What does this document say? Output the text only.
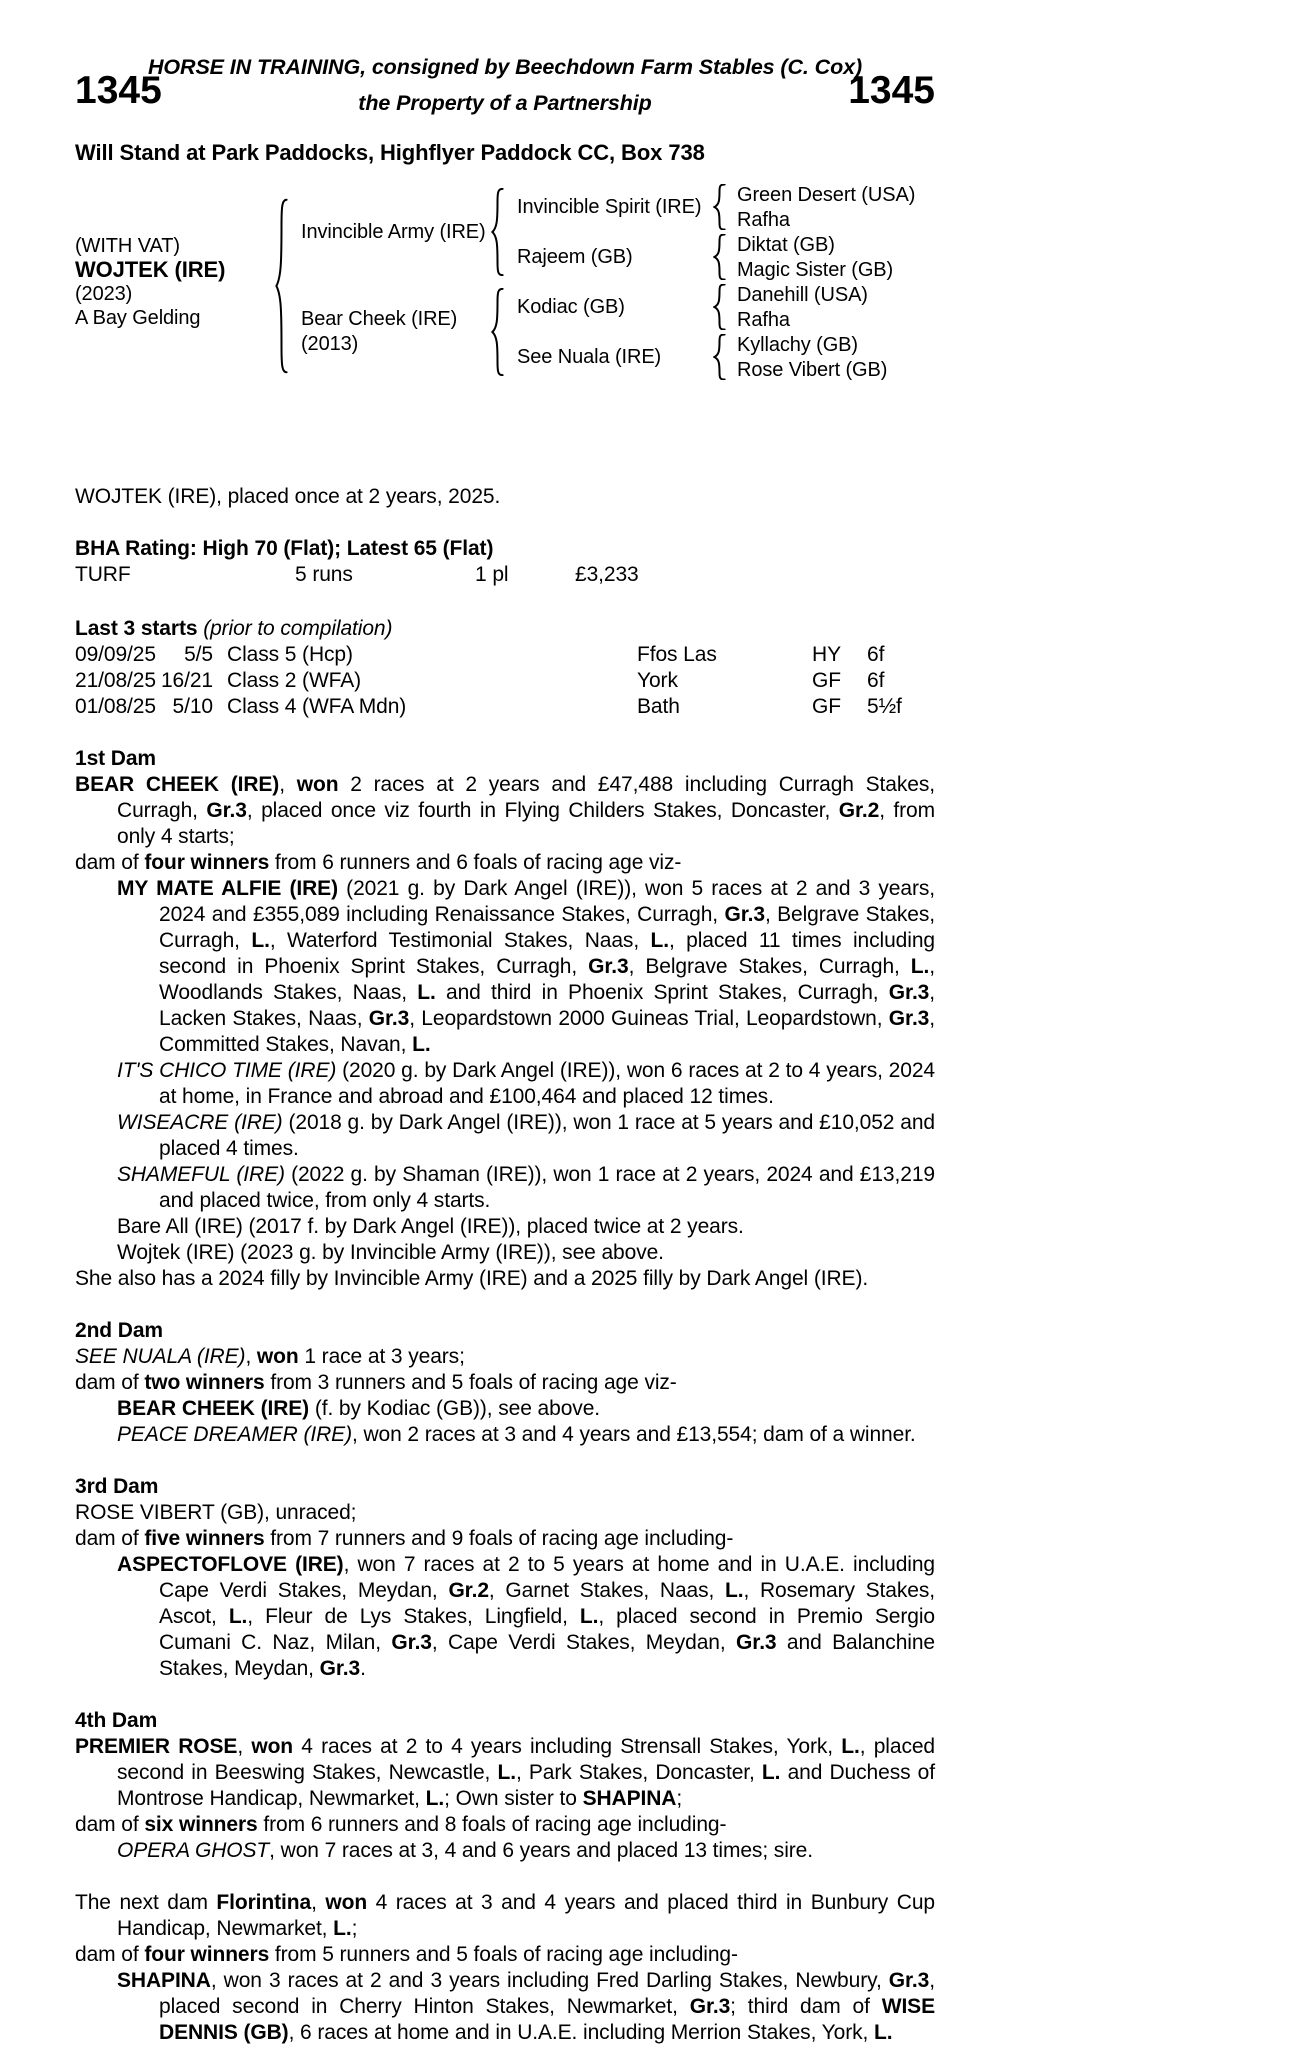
HORSE IN TRAINING, consigned by Beechdown Farm Stables (C. Cox)
1345	the Property of a Partnership	1345
Will Stand at Park Paddocks, Highflyer Paddock CC, Box 738
(WITH VAT)
WOJTEK (IRE)
(2023)
A Bay Gelding
Invincible Army (IRE)
Bear Cheek (IRE)
(2013)
Invincible Spirit (IRE)
Rajeem (GB)
Kodiac (GB)
See Nuala (IRE)
Green Desert (USA)
Rafha
Diktat (GB)
Magic Sister (GB)
Danehill (USA)
Rafha
Kyllachy (GB)
Rose Vibert (GB)
WOJTEK (IRE), placed once at 2 years, 2025.
BHA Rating: High 70 (Flat); Latest 65 (Flat)
TURF	5 runs	1 pl	£3,233
Last 3 starts (prior to compilation)
09/09/25	5/5 Class 5 (Hcp)	Ffos Las	HY	6f
21/08/25 16/21 Class 2 (WFA)	York	GF	6f
01/08/25 5/10 Class 4 (WFA Mdn)	Bath	GF	5½f
1st Dam
BEAR CHEEK (IRE), won 2 races at 2 years and £47,488 including Curragh Stakes, Curragh, Gr.3, placed once viz fourth in Flying Childers Stakes, Doncaster, Gr.2, from only 4 starts;
dam of four winners from 6 runners and 6 foals of racing age viz-
MY MATE ALFIE (IRE) (2021 g. by Dark Angel (IRE)), won 5 races at 2 and 3 years, 2024 and £355,089 including Renaissance Stakes, Curragh, Gr.3, Belgrave Stakes, Curragh, L., Waterford Testimonial Stakes, Naas, L., placed 11 times including second in Phoenix Sprint Stakes, Curragh, Gr.3, Belgrave Stakes, Curragh, L., Woodlands Stakes, Naas, L. and third in Phoenix Sprint Stakes, Curragh, Gr.3, Lacken Stakes, Naas, Gr.3, Leopardstown 2000 Guineas Trial, Leopardstown, Gr.3, Committed Stakes, Navan, L.
IT'S CHICO TIME (IRE) (2020 g. by Dark Angel (IRE)), won 6 races at 2 to 4 years, 2024 at home, in France and abroad and £100,464 and placed 12 times.
WISEACRE (IRE) (2018 g. by Dark Angel (IRE)), won 1 race at 5 years and £10,052 and placed 4 times.
SHAMEFUL (IRE) (2022 g. by Shaman (IRE)), won 1 race at 2 years, 2024 and £13,219 and placed twice, from only 4 starts.
Bare All (IRE) (2017 f. by Dark Angel (IRE)), placed twice at 2 years.
Wojtek (IRE) (2023 g. by Invincible Army (IRE)), see above.
She also has a 2024 filly by Invincible Army (IRE) and a 2025 filly by Dark Angel (IRE).
2nd Dam
SEE NUALA (IRE), won 1 race at 3 years;
dam of two winners from 3 runners and 5 foals of racing age viz-
BEAR CHEEK (IRE) (f. by Kodiac (GB)), see above.
PEACE DREAMER (IRE), won 2 races at 3 and 4 years and £13,554; dam of a winner.
3rd Dam
ROSE VIBERT (GB), unraced;
dam of five winners from 7 runners and 9 foals of racing age including-
ASPECTOFLOVE (IRE), won 7 races at 2 to 5 years at home and in U.A.E. including Cape Verdi Stakes, Meydan, Gr.2, Garnet Stakes, Naas, L., Rosemary Stakes, Ascot, L., Fleur de Lys Stakes, Lingfield, L., placed second in Premio Sergio Cumani C. Naz, Milan, Gr.3, Cape Verdi Stakes, Meydan, Gr.3 and Balanchine Stakes, Meydan, Gr.3.
4th Dam
PREMIER ROSE, won 4 races at 2 to 4 years including Strensall Stakes, York, L., placed second in Beeswing Stakes, Newcastle, L., Park Stakes, Doncaster, L. and Duchess of Montrose Handicap, Newmarket, L.; Own sister to SHAPINA;
dam of six winners from 6 runners and 8 foals of racing age including-
OPERA GHOST, won 7 races at 3, 4 and 6 years and placed 13 times; sire.
The next dam Florintina, won 4 races at 3 and 4 years and placed third in Bunbury Cup Handicap, Newmarket, L.;
dam of four winners from 5 runners and 5 foals of racing age including-
SHAPINA, won 3 races at 2 and 3 years including Fred Darling Stakes, Newbury, Gr.3, placed second in Cherry Hinton Stakes, Newmarket, Gr.3; third dam of WISE DENNIS (GB), 6 races at home and in U.A.E. including Merrion Stakes, York, L.
